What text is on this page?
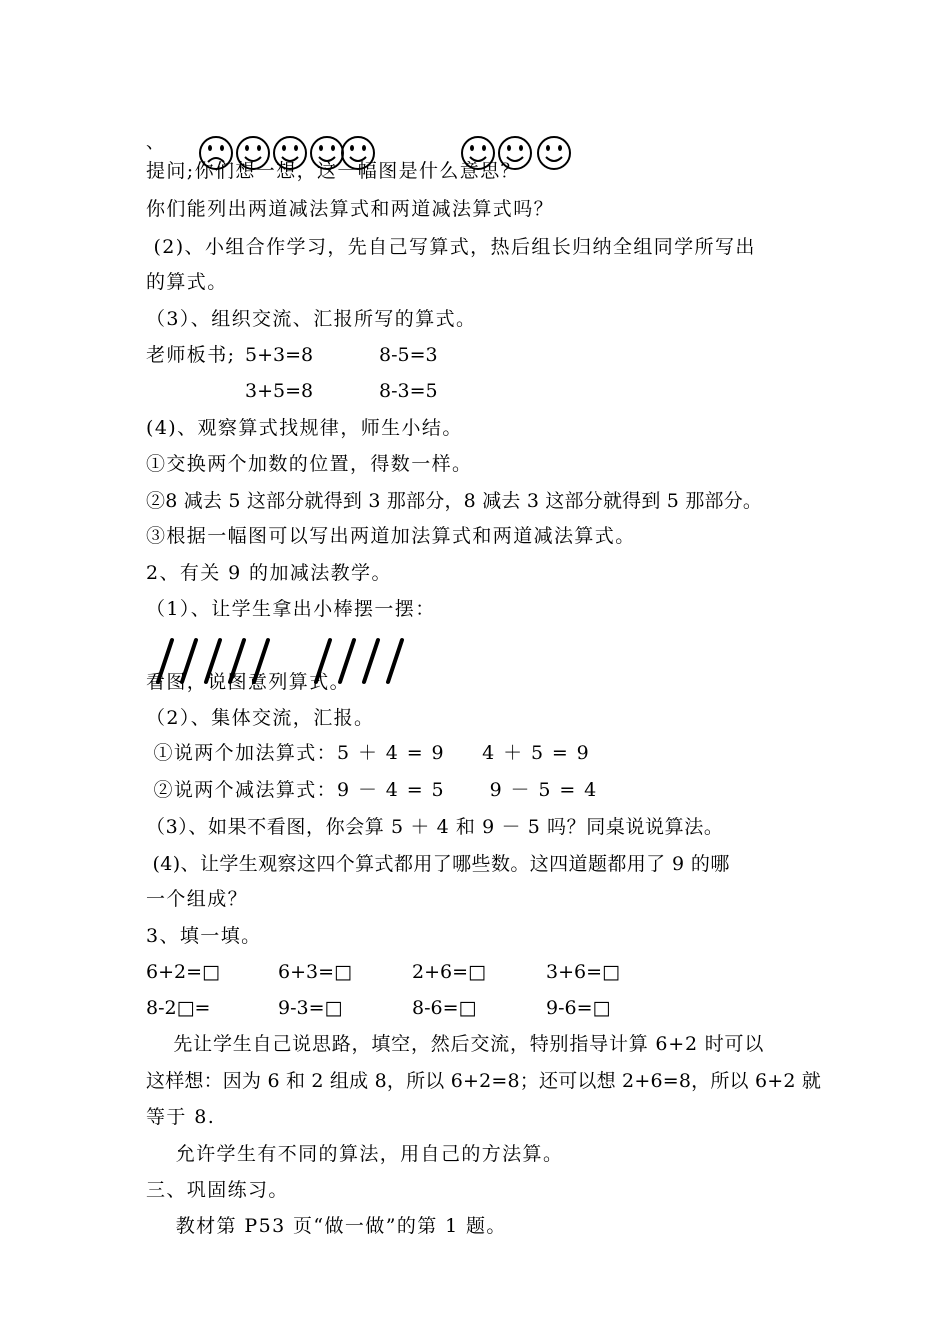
、
提问;你们想一想，这一幅图是什么意思？
你们能列出两道减法算式和两道减法算式吗？
(2)、小组合作学习，先自己写算式，热后组长归纳全组同学所写出
的算式。
（3）、组织交流、汇报所写的算式。
老师板书; 5+3=8	8-5=3
3+5=8	8-3=5
(4)、观察算式找规律，师生小结。
①交换两个加数的位置，得数一样。
②8 减去 5 这部分就得到 3 那部分，8 减去 3 这部分就得到 5 那部分。
③根据一幅图可以写出两道加法算式和两道减法算式。
2、有关 9 的加减法教学。
（1）、让学生拿出小棒摆一摆：
看图，说图意列算式。
（2）、集体交流，汇报。
①说两个加法算式：5 ＋ 4 = 9     4 ＋ 5 = 9
②说两个减法算式：9 － 4 = 5      9 － 5 = 4
（3）、如果不看图，你会算 5 ＋ 4 和 9 － 5 吗？同桌说说算法。
(4)、让学生观察这四个算式都用了哪些数。这四道题都用了 9 的哪
一个组成？
3、填一填。
6+2=□	6+3=□	2+6=□	3+6=□
8-2□=	9-3=□	8-6=□	9-6=□
先让学生自己说思路，填空，然后交流，特别指导计算 6+2 时可以
这样想：因为 6 和 2 组成 8，所以 6+2=8；还可以想 2+6=8，所以 6+2 就
等于 8.
允许学生有不同的算法，用自己的方法算。
三、巩固练习。
教材第 P53 页“做一做”的第 1 题。
